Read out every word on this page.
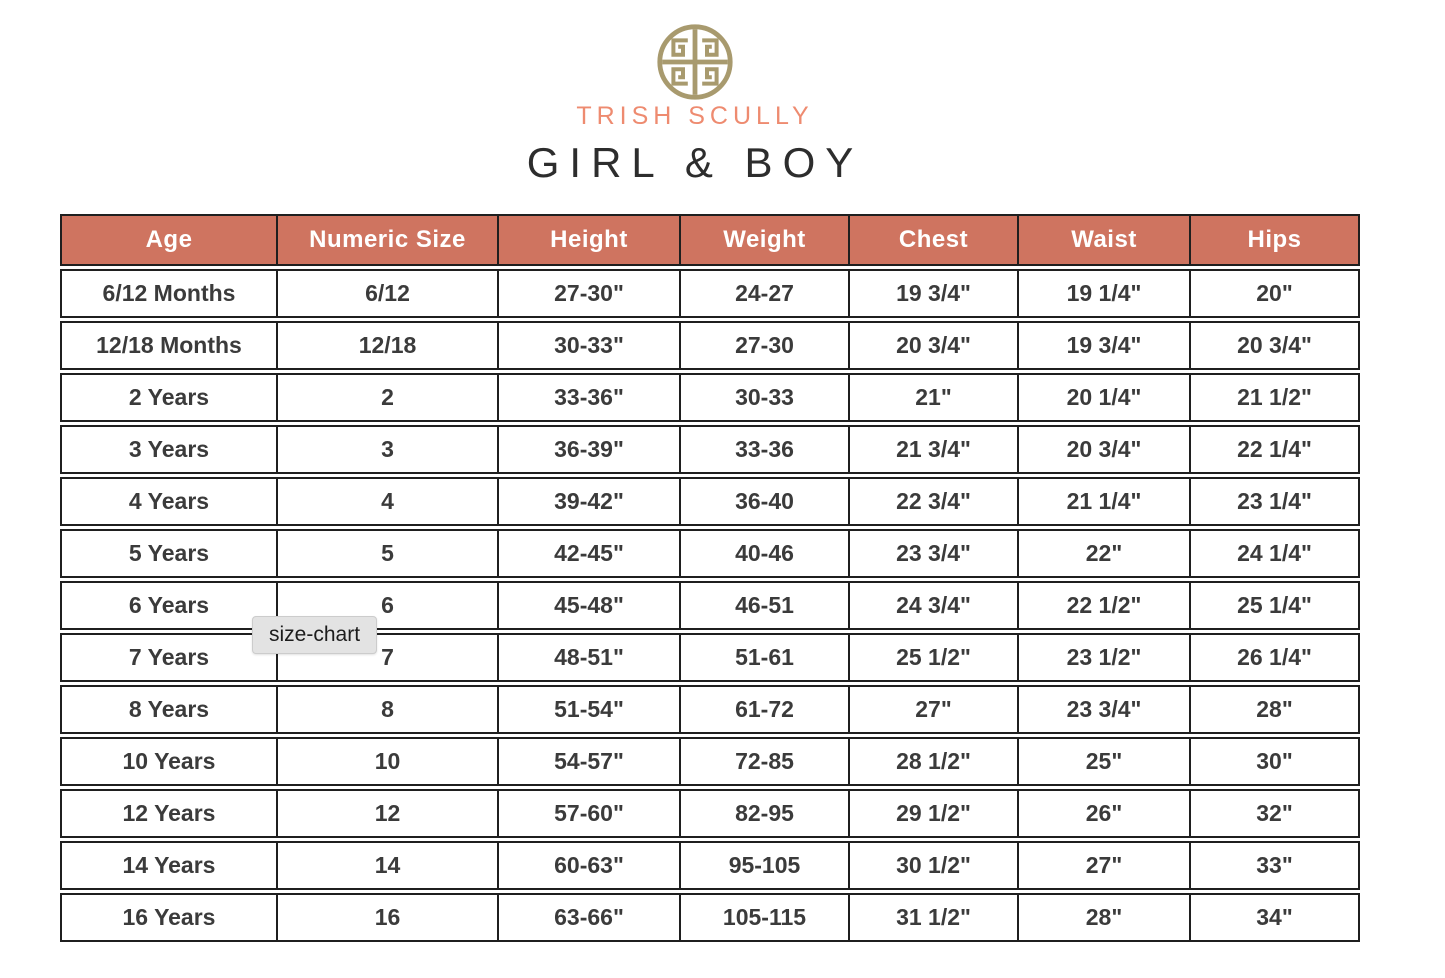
TRISH SCULLY
GIRL & BOY
Age	Numeric Size	Height	Weight	Chest	Waist	Hips
6/12 Months	6/12	27-30"	24-27	19 3/4"	19 1/4"	20"
12/18 Months	12/18	30-33"	27-30	20 3/4"	19 3/4"	20 3/4"
2 Years	2	33-36"	30-33	21"	20 1/4"	21 1/2"
3 Years	3	36-39"	33-36	21 3/4"	20 3/4"	22 1/4"
4 Years	4	39-42"	36-40	22 3/4"	21 1/4"	23 1/4"
5 Years	5	42-45"	40-46	23 3/4"	22"	24 1/4"
6 Years	6	45-48"	46-51	24 3/4"	22 1/2"	25 1/4"
7 Years	7	48-51"	51-61	25 1/2"	23 1/2"	26 1/4"
8 Years	8	51-54"	61-72	27"	23 3/4"	28"
10 Years	10	54-57"	72-85	28 1/2"	25"	30"
12 Years	12	57-60"	82-95	29 1/2"	26"	32"
14 Years	14	60-63"	95-105	30 1/2"	27"	33"
16 Years	16	63-66"	105-115	31 1/2"	28"	34"
size-chart
